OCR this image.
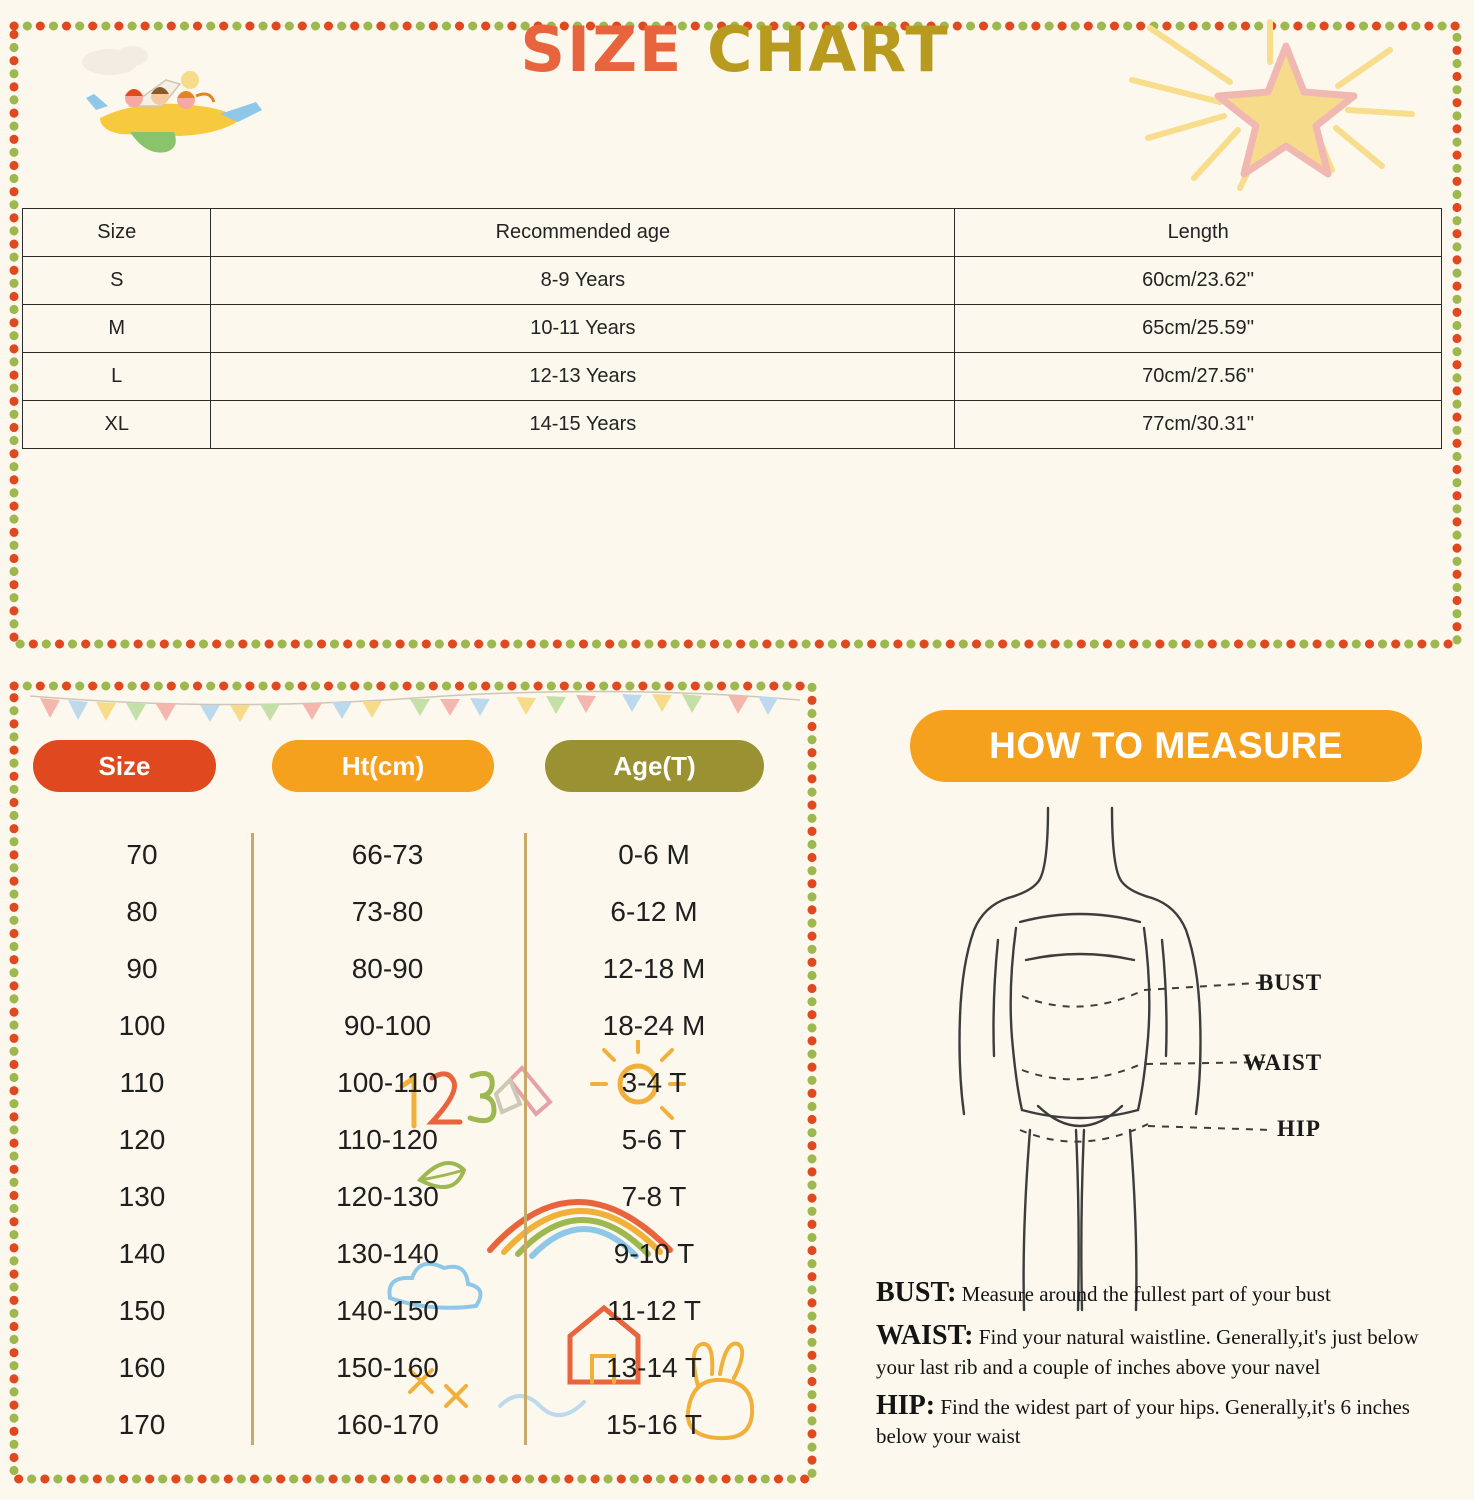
SIZE CHART
Size	Recommended age	Length
S	8-9 Years	60cm/23.62''
M	10-11 Years	65cm/25.59''
L	12-13 Years	70cm/27.56''
XL	14-15 Years	77cm/30.31''
Size	Ht(cm)	Age(T)
70	66-73	0-6 M
80	73-80	6-12 M
90	80-90	12-18 M
100	90-100	18-24 M
110	100-110	3-4 T
120	110-120	5-6 T
130	120-130	7-8 T
140	130-140	9-10 T
150	140-150	11-12 T
160	150-160	13-14 T
170	160-170	15-16 T
HOW TO MEASURE
BUST
WAIST
HIP

BUST: Measure around the fullest part of your bust

WAIST: Find your natural waistline. Generally,it's just below your last rib and a couple of inches above your navel

HIP: Find the widest part of your hips. Generally,it's 6 inches below your waist
